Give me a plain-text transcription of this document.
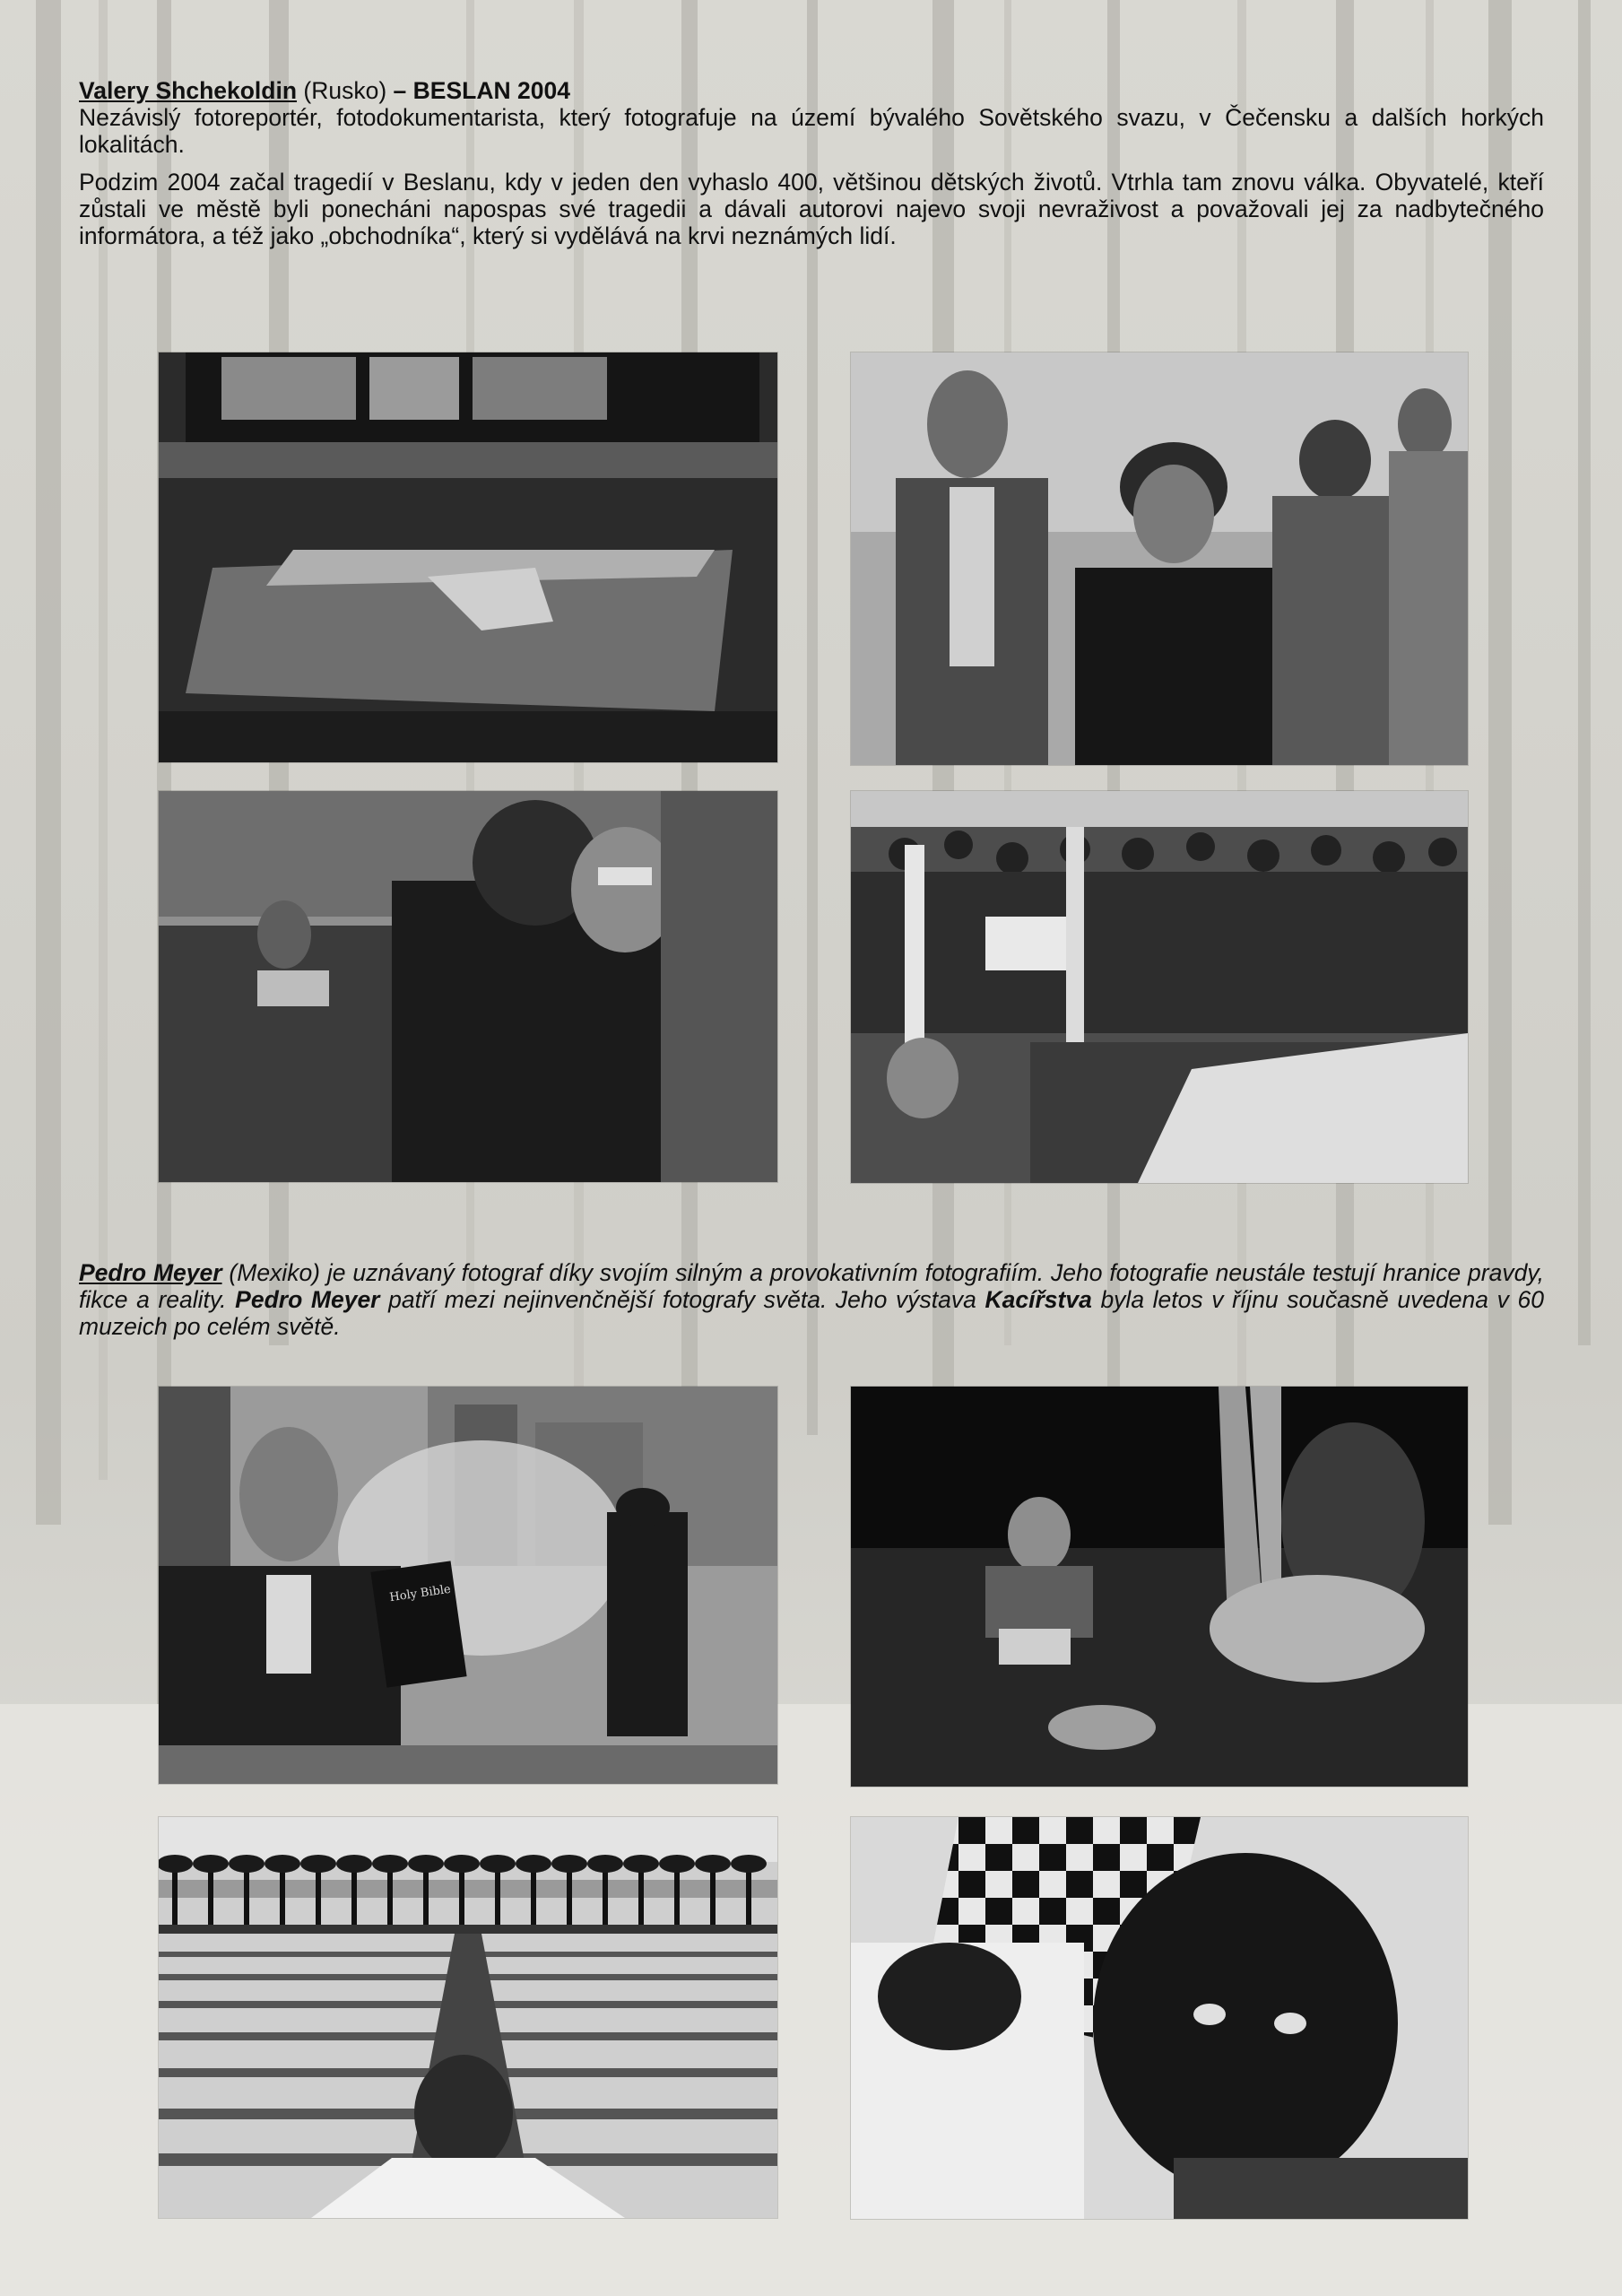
Valery Shchekoldin (Rusko) – BESLAN 2004
Nezávislý fotoreportér, fotodokumentarista, který fotografuje na území bývalého Sovětského svazu, v Čečensku a dalších horkých lokalitách.

Podzim 2004 začal tragedií v Beslanu, kdy v jeden den vyhaslo 400, většinou dětských životů. Vtrhla tam znovu válka. Obyvatelé, kteří zůstali ve městě byli ponecháni napospas své tragedii a dávali autorovi najevo svoji nevraživost a považovali jej za nadbytečného informátora, a též jako „obchodníka“, který si vydělává na krvi neznámých lidí.

Pedro Meyer (Mexiko) je uznávaný fotograf díky svojím silným a provokativním fotografiím. Jeho fotografie neustále testují hranice pravdy, fikce a reality. Pedro Meyer patří mezi nejinvenčnější fotografy světa. Jeho výstava Kacířstva byla letos v říjnu současně uvedena v 60 muzeich po celém světě.

Holy Bible
